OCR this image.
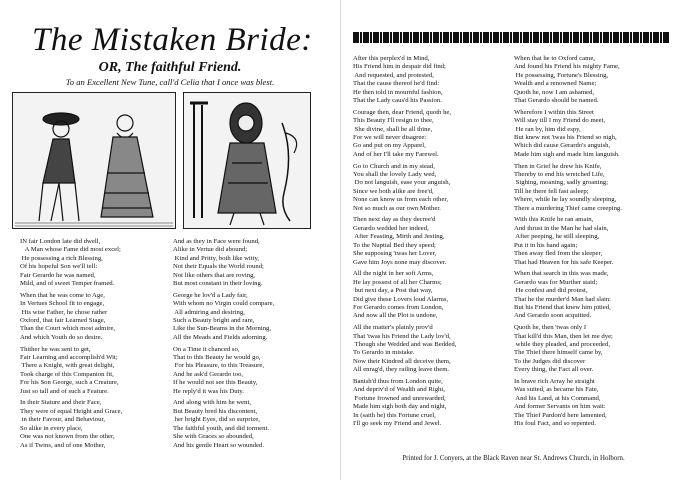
The Mistaken Bride:
OR, The faithful Friend.
To an Excellent New Tune, call'd Celia that I once was blest.

IN fair London late did dwell,
A Man whose Fame did most excel;
He possessing a rich Blessing,
Of his hopeful Son we'll tell:
Fair Gerardo he was named,
Mild, and of sweet Temper framed.

When that he was come to Age,
In Vertues School fit to engage,
His wise Father, he chose rather
Oxford, that fair Learned Stage,
Than the Court which most admire,
And which Youth do so desire.

Thither he was sent to get,
Fair Learning and accomplish'd Wit;
There a Knight, with great delight,
Took charge of this Companion fit,
For his Son George, such a Creature,
Just so tall and of such a Feature.

In their Stature and their Face,
They were of equal Height and Grace,
in their Favour, and Behaviour,
So alike in every place,
One was not known from the other,
As if Twins, and of one Mother,

And as they in Face were found,
Alike in Vertue did abound;
Kind and Pritty, both like witty,
Not their Equals the World round;
Not like others that are roving,
But most constant in their loving.

George he lov'd a Lady fair,
With whom no Virgin could compare,
All admiring and desiring,
Such a Beauty bright and rare,
Like the Sun-Beams in the Morning,
All the Meads and Fields adorning.

On a Time it chanced so,
That to this Beauty he would go,
For his Pleasure, to this Treasure,
And he ask'd Gerardo too,
If he would not see this Beauty,
He reply'd it was his Duty.

And along with him he went,
But Beauty bred his discontent,
her bright Eyes, did so surprize,
The faithful youth, and did torment.
She with Graces so abounded,
And his gentle Heart so wounded.

After this perplex'd in Mind,
His Friend him in despair did find;
And requested, and protested,
That the cause thereof he'd find:
He then told in mournful fashion,
That the Lady caus'd his Passion.

Courage then, dear Friend, quoth he,
This Beauty I'll resign to thee,
She divine, shall be all thine,
For we will never disagree:
Go and put on my Apparel,
And of her I'll take my Farewel.

Go to Church and in my stead,
You shall the lovely Lady wed,
Do not languish, ease your anguish,
Since we both alike are free'd,
None can know us from each other,
Not so much as our own Mother.

Then next day as they decree'd
Gerardo wedded her indeed,
After Feasting, Mirth and Jesting,
To the Nuptial Bed they speed;
She supposing 'twas her Lover,
Gave him Joys none may discover.

All the night in her soft Arms,
He lay possest of all her Charms;
but next day, a Post that way,
Did give these Lovers loud Alarms,
For Gerardo comes from London,
And now all the Plot is undone,

All the matter's plainly prov'd
That 'twas his Friend the Lady lov'd,
Though she Wedded and was Bedded,
To Gerardo in mistake.
Now their Kindred all deceive them,
All enrag'd, they railing leave them.

Banish'd thus from London quite,
And depriv'd of Wealth and Right,
Fortune frowned and unrewarded,
Made him sigh both day and night,
In (saith he) this Fortune cruel,
I'll go seek my Friend and Jewel.

When that he to Oxford came,
And found his Friend his mighty Fame,
He possessing, Fortune's Blessing,
Wealth and a renowned Name;
Quoth he, now I am ashamed,
That Gerardo should be named.

Wherefore I within this Street
Will stay till I my Friend do meet,
He ran by, him did espy,
But knew not 'twas his Friend so nigh,
Which did cause Gerardo's anguish,
Made him sigh and made him languish.

Then in Grief he drew his Knife,
Thereby to end his wretched Life,
Sighing, moaning, sadly groaning;
Till he there fell fast asleep;
Where, while he lay soundly sleeping,
There a murdering Thief came creeping.

With this Knife he ran amain,
And thrust in the Man he had slain,
After peeping, he still sleeping,
Put it in his hand again;
Then away fled from the sleeper,
That had Heaven for his safe Keeper.

When that search in this was made,
Gerardo was for Murther staid;
He confest and did protest,
That he the murder'd Man had slain:
But his Friend that knew him pitied,
And Gerardo soon acquitted.

Quoth he, then 'twas only I
That kill'd this Man, then let me dye;
while they pleaded, and proceeded,
The Thief there himself came by,
To the Judges did discover
Every thing, the Fact all over.

In brave rich Array he straight
Was suited, as became his Fate,
And his Land, at his Command,
And former Servants on him wait:
The Thief Pardon'd here lamented,
His foul Fact, and so repented.

Printed for J. Conyers, at the Black Raven near St. Andrews Church, in Holborn.
